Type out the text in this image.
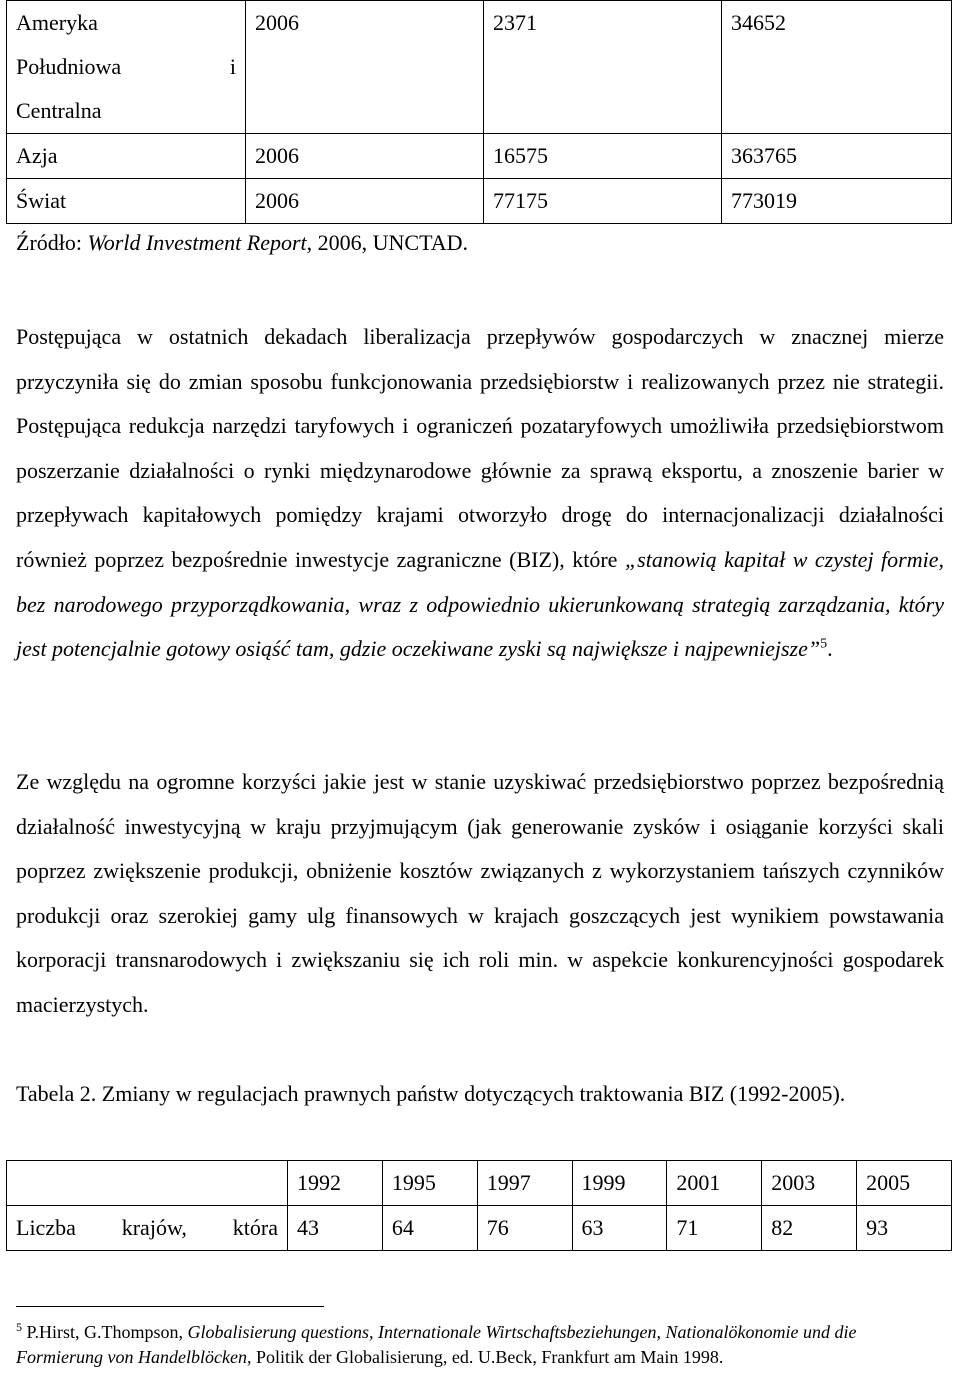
Ameryka
Południowa i
Centralna	2006	2371	34652
Azja	2006	16575	363765
Świat	2006	77175	773019
Źródło: World Investment Report, 2006, UNCTAD.
Postępująca w ostatnich dekadach liberalizacja przepływów gospodarczych w znacznej mierze przyczyniła się do zmian sposobu funkcjonowania przedsiębiorstw i realizowanych przez nie strategii. Postępująca redukcja narzędzi taryfowych i ograniczeń pozataryfowych umożliwiła przedsiębiorstwom poszerzanie działalności o rynki międzynarodowe głównie za sprawą eksportu, a znoszenie barier w przepływach kapitałowych pomiędzy krajami otworzyło drogę do internacjonalizacji działalności również poprzez bezpośrednie inwestycje zagraniczne (BIZ), które „stanowią kapitał w czystej formie, bez narodowego przyporządkowania, wraz z odpowiednio ukierunkowaną strategią zarządzania, który jest potencjalnie gotowy osiąść tam, gdzie oczekiwane zyski są największe i najpewniejsze”$^5$.
Ze względu na ogromne korzyści jakie jest w stanie uzyskiwać przedsiębiorstwo poprzez bezpośrednią działalność inwestycyjną w kraju przyjmującym (jak generowanie zysków i osiąganie korzyści skali poprzez zwiększenie produkcji, obniżenie kosztów związanych z wykorzystaniem tańszych czynników produkcji oraz szerokiej gamy ulg finansowych w krajach goszczących jest wynikiem powstawania korporacji transnarodowych i zwiększaniu się ich roli min. w aspekcie konkurencyjności gospodarek macierzystych.
Tabela 2. Zmiany w regulacjach prawnych państw dotyczących traktowania BIZ (1992-2005).
	1992	1995	1997	1999	2001	2003	2005

Liczba krajów, która	43	64	76	63	71	82	93
$^5$ P.Hirst, G.Thompson, Globalisierung questions, Internationale Wirtschaftsbeziehungen, Nationalökonomie und die Formierung von Handelblöcken, Politik der Globalisierung, ed. U.Beck, Frankfurt am Main 1998.
